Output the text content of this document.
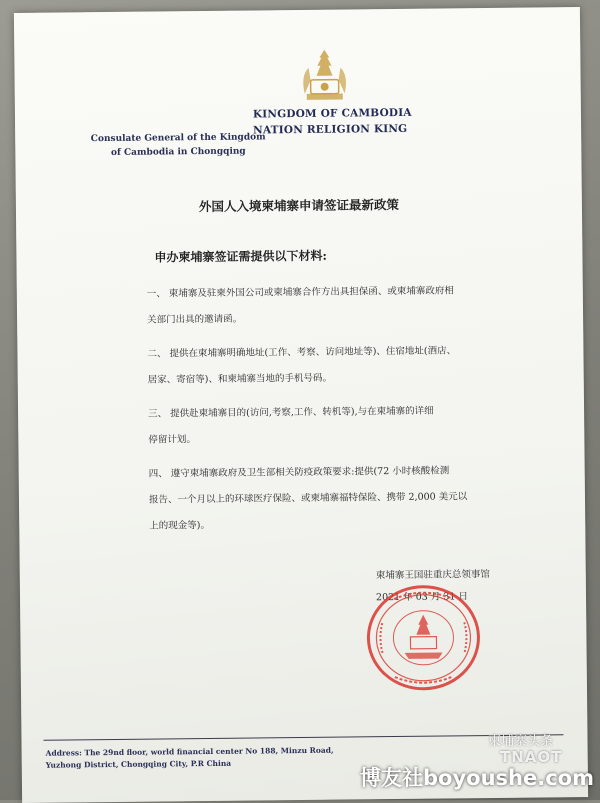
KINGDOM OF CAMBODIA
NATION RELIGION KING
Consulate General of the Kingdom
of Cambodia in Chongqing
外国人入境柬埔寨申请签证最新政策
申办柬埔寨签证需提供以下材料:
一、 柬埔寨及驻柬外国公司或柬埔寨合作方出具担保函、或柬埔寨政府相
关部门出具的邀请函。
二、 提供在柬埔寨明确地址(工作、考察、访问地址等)、住宿地址(酒店、
居家、寄宿等)、和柬埔寨当地的手机号码。
三、 提供赴柬埔寨目的(访问,考察,工作、转机等),与在柬埔寨的详细
停留计划。
四、 遵守柬埔寨政府及卫生部相关防疫政策要求:提供(72 小时核酸检测
报告、一个月以上的环球医疗保险、或柬埔寨福特保险、携带 2,000 美元以
上的现金等)。
柬埔寨王国驻重庆总领事馆
2021 年 03 月 31 日
Address: The 29nd floor, world financial center No 188, Minzu Road,
Yuzhong District, Chongqing City, P.R China
柬埔寨头条
TNAOT
博友社boyoushe.com
